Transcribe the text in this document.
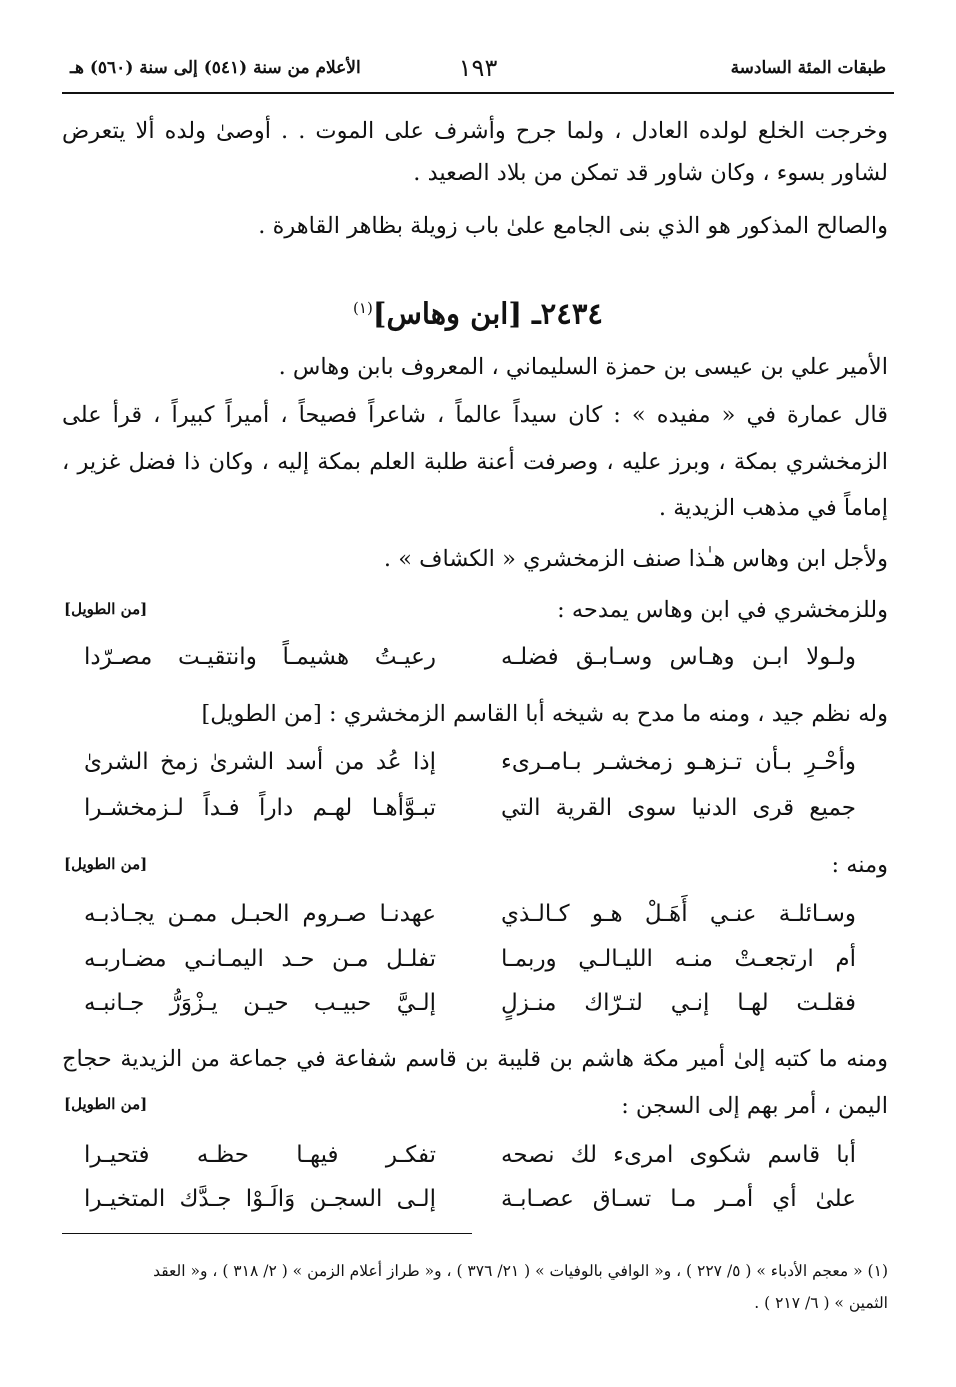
طبقات المئة السادسة
١٩٣
الأعلام من سنة (٥٤١) إلى سنة (٥٦٠) هـ
وخرجت الخلع لولده العادل ، ولما جرح وأشرف على الموت . . أوصىٰ ولده ألا يتعرض
لشاور بسوء ، وكان شاور قد تمكن من بلاد الصعيد .
والصالح المذكور هو الذي بنى الجامع علىٰ باب زويلة بظاهر القاهرة .
٢٤٣٤ـ [ابن وهاس]$^{(١)}$
الأمير علي بن عيسى بن حمزة السليماني ، المعروف بابن وهاس .
قال عمارة في « مفيده » : كان سيداً عالماً ، شاعراً فصيحاً ، أميراً كبيراً ، قرأ على
الزمخشري بمكة ، وبرز عليه ، وصرفت أعنة طلبة العلم بمكة إليه ، وكان ذا فضل غزير ،
إماماً في مذهب الزيدية .
ولأجل ابن وهاس هـٰذا صنف الزمخشري « الكشاف » .
وللزمخشري في ابن وهاس يمدحه :
[من الطويل]
ولـولا ابـن وهـاس وسـابـق فضلـه
رعيـتُ هشيمـاً وانتقيـت مصـرّدا
وله نظم جيد ، ومنه ما مدح به شيخه أبا القاسم الزمخشري : [من الطويل]
وأحْـرِ بـأن تـزهـو زمخشـر بـامـرىء
إذا عُد من أسد الشرىٰ زمخ الشرىٰ
جميع قرى الدنيا سوى القرية التي
تبـوَّأهـا لهـم داراً فـداً لـزمخشـرا
ومنه :
[من الطويل]
وسـائلـة عنـي أَهَـلْ هـو كـالـذي
عهدنـا صـروم الحبـل ممـن يجـاذبـه
أم ارتجعـتْ منـه الليـالـي وربمـا
تفلـل مـن حـد اليمـانـي مضـاربـه
فقلـت لهـا إنـي لتـرّاك منـزلٍ
إلـيَّ حبيـب حيـن يـزْوَرُّ جـانبـه
ومنه ما كتبه إلىٰ أمير مكة هاشم بن قليبة بن قاسم شفاعة في جماعة من الزيدية حجاج
اليمن ، أمر بهم إلى السجن :
[من الطويل]
أبا قاسم شكوى امرىء لك نصحه
تفكـر فيهـا حظـه فتحيـرا
علىٰ أي أمـر مـا تسـاق عصـابـة
إلـى السجـن وَالَـوْا جـدَّك المتخيـرا
(١) « معجم الأدباء » ( ٥/ ٢٢٧ ) ، و« الوافي بالوفيات » ( ٢١/ ٣٧٦ ) ، و« طراز أعلام الزمن » ( ٢/ ٣١٨ ) ، و« العقد
الثمين » ( ٦/ ٢١٧ ) .
